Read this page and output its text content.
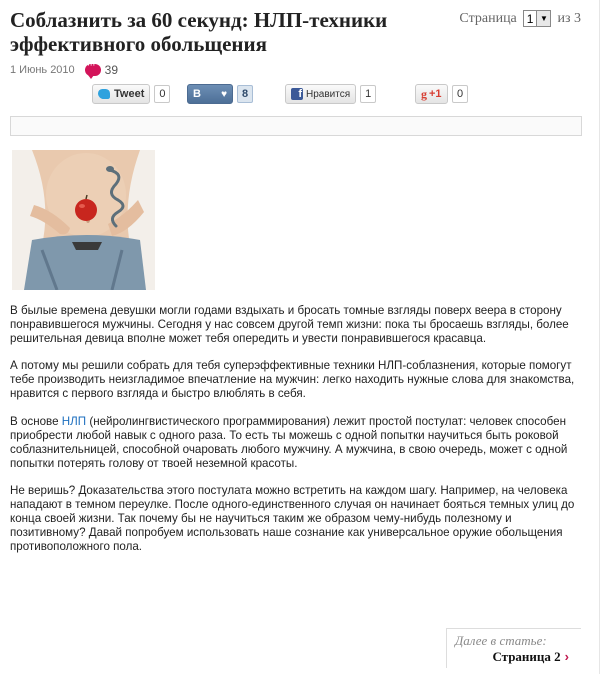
Соблазнить за 60 секунд: НЛП-техники эффективного обольщения
Страница 1 ▼ из 3
1 Июнь 2010
···	39
Tweet	0	В ♥	8	f Нравится	1	g +1	0

В былые времена девушки могли годами вздыхать и бросать томные взгляды поверх веера в сторону понравившегося мужчины. Сегодня у нас совсем другой темп жизни: пока ты бросаешь взгляды, более решительная девица вполне может тебя опередить и увести понравившегося красавца.

А потому мы решили собрать для тебя суперэффективные техники НЛП-соблазнения, которые помогут тебе производить неизгладимое впечатление на мужчин: легко находить нужные слова для знакомства, нравится с первого взгляда и быстро влюблять в себя.

В основе НЛП (нейролингвистического программирования) лежит простой постулат: человек способен приобрести любой навык с одного раза. То есть ты можешь с одной попытки научиться быть роковой соблазнительницей, способной очаровать любого мужчину. А мужчина, в свою очередь, может с одной попытки потерять голову от твоей неземной красоты.

Не веришь? Доказательства этого постулата можно встретить на каждом шагу. Например, на человека нападают в темном переулке. После одного-единственного случая он начинает бояться темных улиц до конца своей жизни. Так почему бы не научиться таким же образом чему-нибудь полезному и позитивному? Давай попробуем использовать наше сознание как универсальное оружие обольщения противоположного пола.

Далее в статье:
Страница 2 ›
